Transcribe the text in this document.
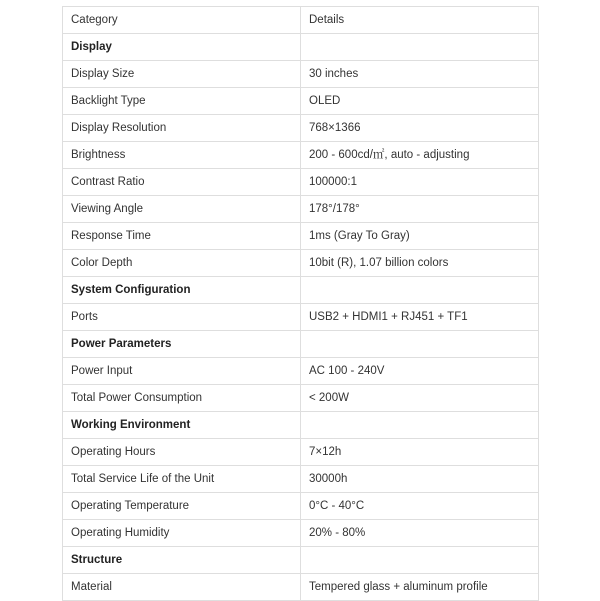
Category	Details
Display	
Display Size	30 inches
Backlight Type	OLED
Display Resolution	768×1366
Brightness	200 - 600cd/㎡, auto - adjusting
Contrast Ratio	100000:1
Viewing Angle	178°/178°
Response Time	1ms (Gray To Gray)
Color Depth	10bit (R), 1.07 billion colors
System Configuration	
Ports	USB2 + HDMI1 + RJ451 + TF1
Power Parameters	
Power Input	AC 100 - 240V
Total Power Consumption	< 200W
Working Environment	
Operating Hours	7×12h
Total Service Life of the Unit	30000h
Operating Temperature	0°C - 40°C
Operating Humidity	20% - 80%
Structure	
Material	Tempered glass + aluminum profile
